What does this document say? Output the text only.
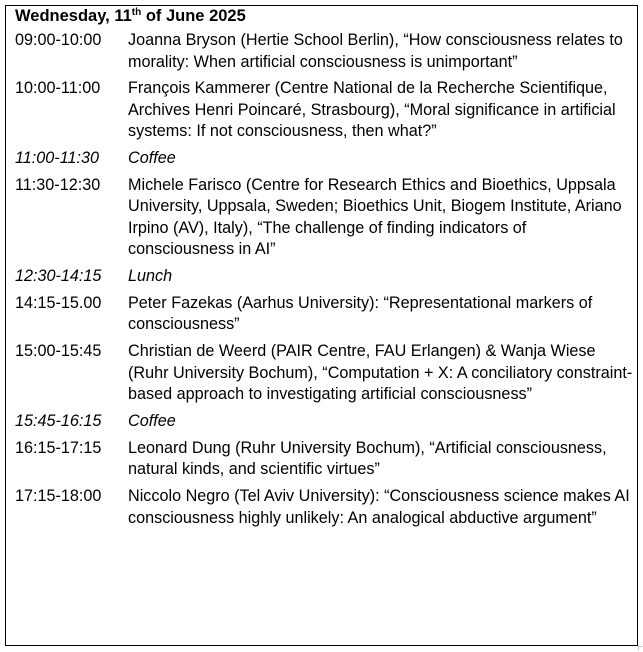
Wednesday, 11th of June 2025
09:00-10:00	Joanna Bryson (Hertie School Berlin), “How consciousness relates to morality: When artificial consciousness is unimportant”

10:00-11:00	François Kammerer (Centre National de la Recherche Scientifique, Archives Henri Poincaré, Strasbourg), “Moral significance in artificial systems: If not consciousness, then what?”

11:00-11:30	Coffee

11:30-12:30	Michele Farisco (Centre for Research Ethics and Bioethics, Uppsala University, Uppsala, Sweden; Bioethics Unit, Biogem Institute, Ariano Irpino (AV), Italy), “The challenge of finding indicators of consciousness in AI”

12:30-14:15	Lunch

14:15-15.00	Peter Fazekas (Aarhus University): “Representational markers of consciousness”

15:00-15:45	Christian de Weerd (PAIR Centre, FAU Erlangen) & Wanja Wiese (Ruhr University Bochum), “Computation + X: A conciliatory constraint-based approach to investigating artificial consciousness”

15:45-16:15	Coffee

16:15-17:15	Leonard Dung (Ruhr University Bochum), “Artificial consciousness, natural kinds, and scientific virtues”

17:15-18:00	Niccolo Negro (Tel Aviv University): “Consciousness science makes AI consciousness highly unlikely: An analogical abductive argument”
